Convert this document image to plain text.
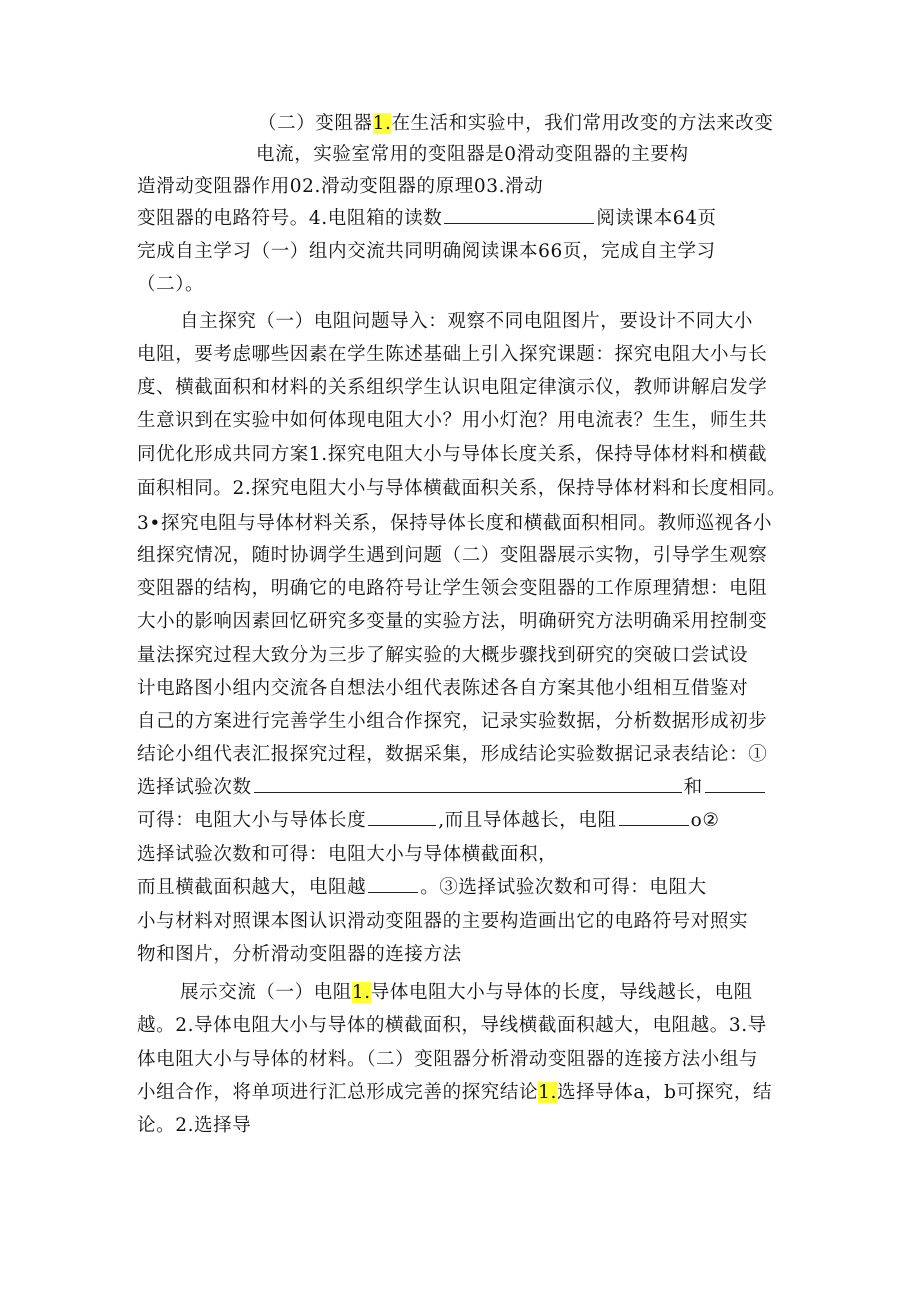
（二）变阻器1.在生活和实验中，我们常用改变的方法来改变
电流，实验室常用的变阻器是0滑动变阻器的主要构
造滑动变阻器作用02.滑动变阻器的原理03.滑动
变阻器的电路符号。4.电阻箱的读数	阅读课本64页
完成自主学习（一）组内交流共同明确阅读课本66页，完成自主学习
（二）。
自主探究（一）电阻问题导入：观察不同电阻图片，要设计不同大小
电阻，要考虑哪些因素在学生陈述基础上引入探究课题：探究电阻大小与长
度、横截面积和材料的关系组织学生认识电阻定律演示仪，教师讲解启发学
生意识到在实验中如何体现电阻大小？用小灯泡？用电流表？生生，师生共
同优化形成共同方案1.探究电阻大小与导体长度关系，保持导体材料和横截
面积相同。2.探究电阻大小与导体横截面积关系，保持导体材料和长度相同。
3•探究电阻与导体材料关系，保持导体长度和横截面积相同。教师巡视各小
组探究情况，随时协调学生遇到问题（二）变阻器展示实物，引导学生观察
变阻器的结构，明确它的电路符号让学生领会变阻器的工作原理猜想：电阻
大小的影响因素回忆研究多变量的实验方法，明确研究方法明确采用控制变
量法探究过程大致分为三步了解实验的大概步骤找到研究的突破口尝试设
计电路图小组内交流各自想法小组代表陈述各自方案其他小组相互借鉴对
自己的方案进行完善学生小组合作探究，记录实验数据，分析数据形成初步
结论小组代表汇报探究过程，数据采集，形成结论实验数据记录表结论：①
选择试验次数	和
可得：电阻大小与导体长度	,而且导体越长，电阻	o②
选择试验次数和可得：电阻大小与导体横截面积，
而且横截面积越大，电阻越	。③选择试验次数和可得：电阻大
小与材料对照课本图认识滑动变阻器的主要构造画出它的电路符号对照实
物和图片，分析滑动变阻器的连接方法
展示交流（一）电阻1.导体电阻大小与导体的长度，导线越长，电阻
越。2.导体电阻大小与导体的横截面积，导线横截面积越大，电阻越。3.导
体电阻大小与导体的材料。（二）变阻器分析滑动变阻器的连接方法小组与
小组合作，将单项进行汇总形成完善的探究结论1.选择导体a，b可探究，结
论。2.选择导
